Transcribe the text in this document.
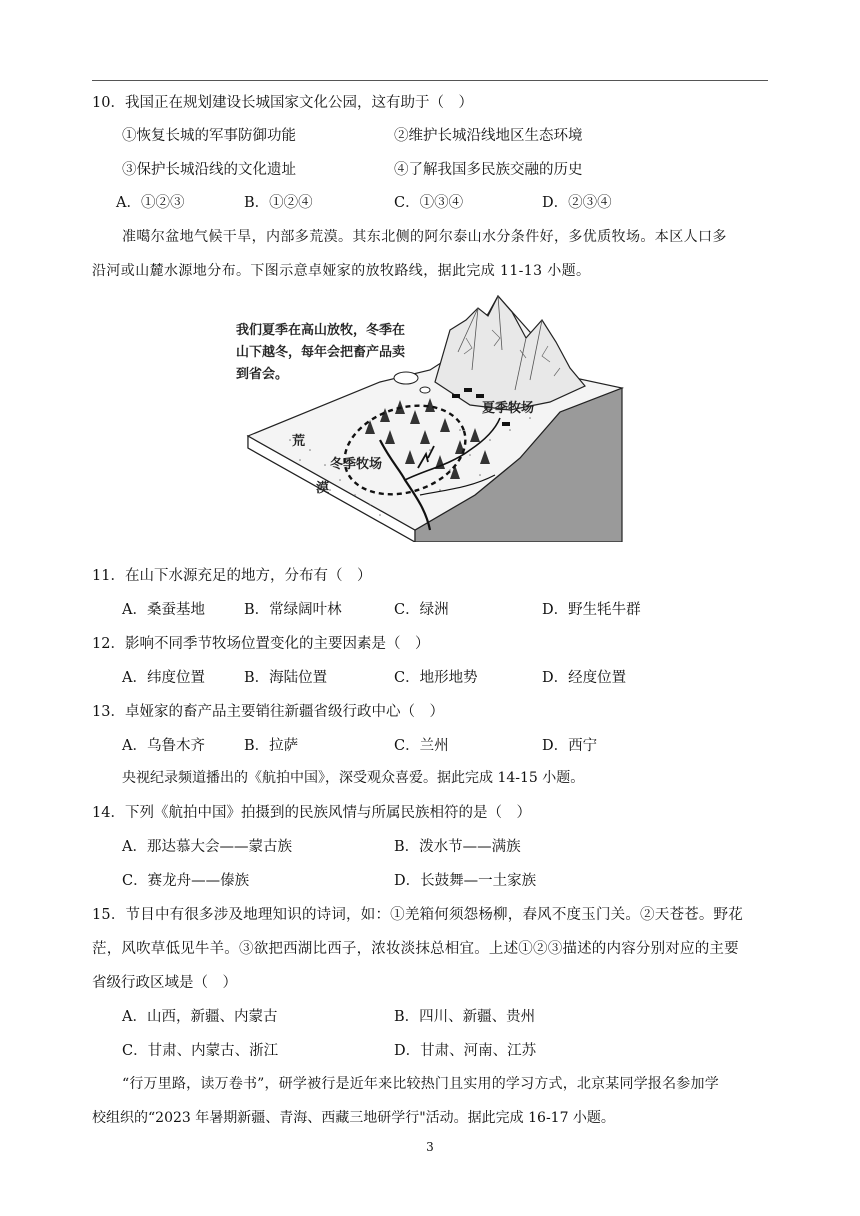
10．我国正在规划建设长城国家文化公园，这有助于（　）
①恢复长城的军事防御功能	②维护长城沿线地区生态环境
③保护长城沿线的文化遗址	④了解我国多民族交融的历史
A．①②③	B．①②④	C．①③④	D．②③④
准噶尔盆地气候干旱，内部多荒漠。其东北侧的阿尔泰山水分条件好，多优质牧场。本区人口多
沿河或山麓水源地分布。下图示意卓娅家的放牧路线，据此完成 11-13 小题。
我们夏季在高山放牧，冬季在
山下越冬，每年会把畜产品卖
到省会。
夏季牧场
冬季牧场
荒
漠
11．在山下水源充足的地方，分布有（　）
A．桑蚕基地	B．常绿阔叶林	C．绿洲	D．野生牦牛群
12．影响不同季节牧场位置变化的主要因素是（　）
A．纬度位置	B．海陆位置	C．地形地势	D．经度位置
13．卓娅家的畜产品主要销往新疆省级行政中心（　）
A．乌鲁木齐	B．拉萨	C．兰州	D．西宁
央视纪录频道播出的《航拍中国》，深受观众喜爱。据此完成 14-15 小题。
14．下列《航拍中国》拍摄到的民族风情与所属民族相符的是（　）
A．那达慕大会——蒙古族	B．泼水节——满族
C．赛龙舟——傣族	D．长鼓舞—一土家族
15．节目中有很多涉及地理知识的诗词，如：①羌箱何须怨杨柳，春风不度玉门关。②天苍苍。野花
茫，风吹草低见牛羊。③欲把西湖比西子，浓妆淡抹总相宜。上述①②③描述的内容分别对应的主要
省级行政区域是（　）
A．山西，新疆、内蒙古	B．四川、新疆、贵州
C．甘肃、内蒙古、浙江	D．甘肃、河南、江苏
“行万里路，读万卷书”，研学被行是近年来比较热门且实用的学习方式，北京某同学报名参加学
校组织的“2023 年暑期新疆、青海、西藏三地研学行"活动。据此完成 16-17 小题。
3
